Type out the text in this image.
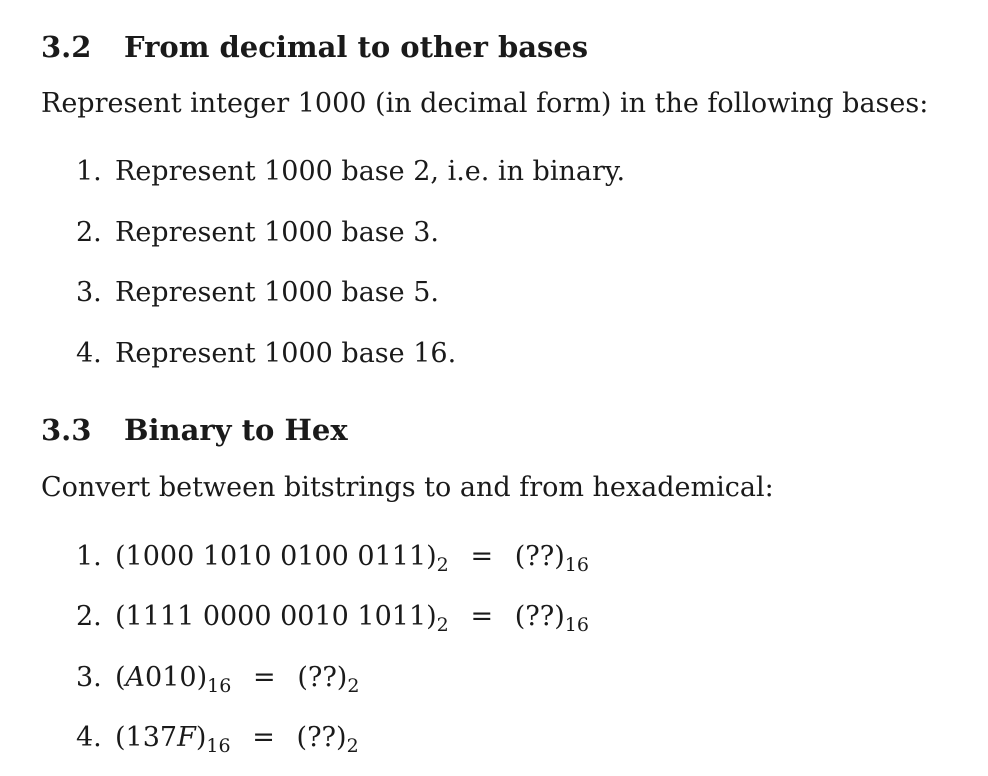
3.2 From decimal to other bases
Represent integer 1000 (in decimal form) in the following bases:
1. Represent 1000 base 2, i.e. in binary.
2. Represent 1000 base 3.
3. Represent 1000 base 5.
4. Represent 1000 base 16.
3.3 Binary to Hex
Convert between bitstrings to and from hexademical:
1. (1000 1010 0100 $0111)_2$ = $(??)_{16}$
2. (1111 0000 0010 $1011)_2$ = $(??)_{16}$
3. $(A010)_{16}$ = $(??)_2$
4. $(137F)_{16}$ = $(??)_2$
